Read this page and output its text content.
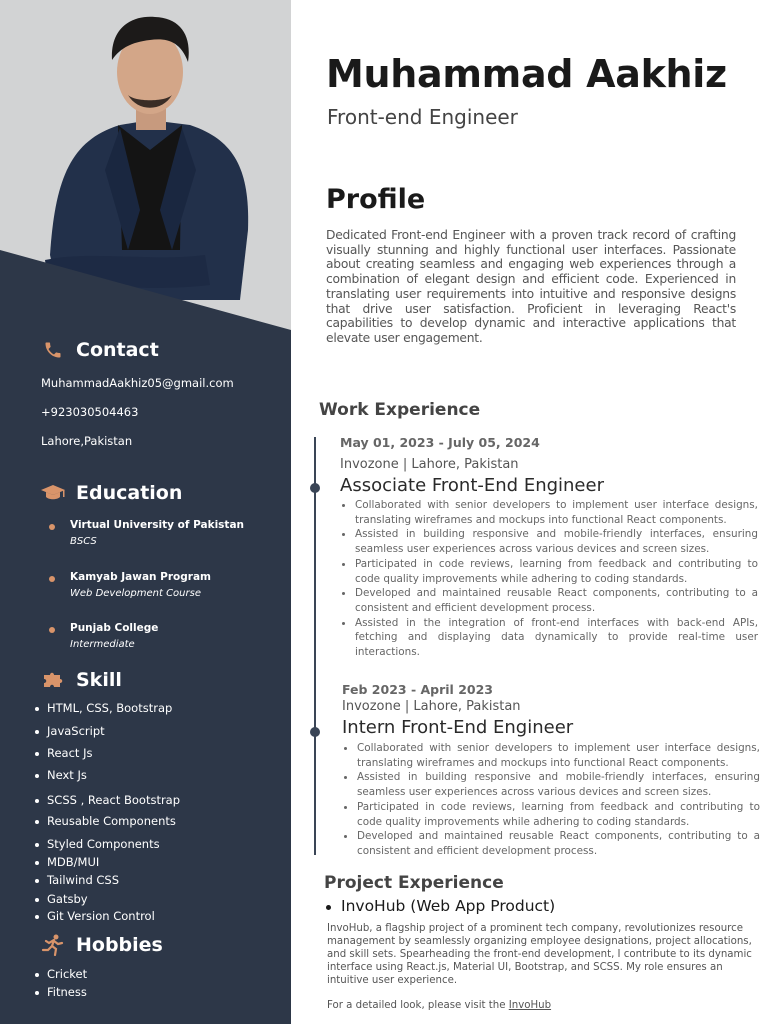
Contact
MuhammadAakhiz05@gmail.com
+923030504463
Lahore,Pakistan
Education
Virtual University of Pakistan
BSCS
Kamyab Jawan Program
Web Development Course
Punjab College
Intermediate
Skill
HTML, CSS, Bootstrap
JavaScript
React Js
Next Js
SCSS , React Bootstrap
Reusable Components
Styled Components
MDB/MUI
Tailwind CSS
Gatsby
Git Version Control
Hobbies
Cricket
Fitness
Muhammad Aakhiz
Front-end Engineer
Profile
Dedicated Front-end Engineer with a proven track record of crafting visually stunning and highly functional user interfaces. Passionate about creating seamless and engaging web experiences through a combination of elegant design and efficient code. Experienced in translating user requirements into intuitive and responsive designs that drive user satisfaction. Proficient in leveraging React's capabilities to develop dynamic and interactive applications that elevate user engagement.
Work Experience
May 01, 2023 - July 05, 2024
Invozone | Lahore, Pakistan
Associate Front-End Engineer
Collaborated with senior developers to implement user interface designs, translating wireframes and mockups into functional React components.
Assisted in building responsive and mobile-friendly interfaces, ensuring seamless user experiences across various devices and screen sizes.
Participated in code reviews, learning from feedback and contributing to code quality improvements while adhering to coding standards.
Developed and maintained reusable React components, contributing to a consistent and efficient development process.
Assisted in the integration of front-end interfaces with back-end APIs, fetching and displaying data dynamically to provide real-time user interactions.
Feb 2023 - April 2023
Invozone | Lahore, Pakistan
Intern Front-End Engineer
Collaborated with senior developers to implement user interface designs, translating wireframes and mockups into functional React components.
Assisted in building responsive and mobile-friendly interfaces, ensuring seamless user experiences across various devices and screen sizes.
Participated in code reviews, learning from feedback and contributing to code quality improvements while adhering to coding standards.
Developed and maintained reusable React components, contributing to a consistent and efficient development process.
Project Experience
InvoHub (Web App Product)
InvoHub, a flagship project of a prominent tech company, revolutionizes resource management by seamlessly organizing employee designations, project allocations, and skill sets. Spearheading the front-end development, I contribute to its dynamic interface using React.js, Material UI, Bootstrap, and SCSS. My role ensures an intuitive user experience.
For a detailed look, please visit the InvoHub
